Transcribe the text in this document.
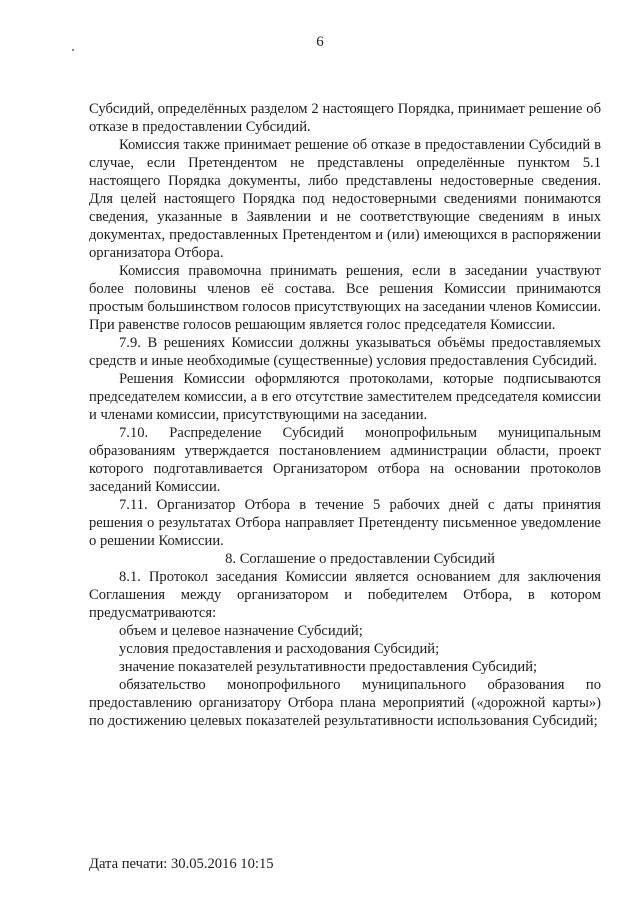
6

Субсидий, определённых разделом 2 настоящего Порядка, принимает решение об отказе в предоставлении Субсидий.

Комиссия также принимает решение об отказе в предоставлении Субсидий в случае, если Претендентом не представлены определённые пунктом 5.1 настоящего Порядка документы, либо представлены недостоверные сведения. Для целей настоящего Порядка под недостоверными сведениями понимаются сведения, указанные в Заявлении и не соответствующие сведениям в иных документах, предоставленных Претендентом и (или) имеющихся в распоряжении организатора Отбора.

Комиссия правомочна принимать решения, если в заседании участвуют более половины членов её состава. Все решения Комиссии принимаются простым большинством голосов присутствующих на заседании членов Комиссии. При равенстве голосов решающим является голос председателя Комиссии.

7.9. В решениях Комиссии должны указываться объёмы предоставляемых средств и иные необходимые (существенные) условия предоставления Субсидий.

Решения Комиссии оформляются протоколами, которые подписываются председателем комиссии, а в его отсутствие заместителем председателя комиссии и членами комиссии, присутствующими на заседании.

7.10. Распределение Субсидий монопрофильным муниципальным образованиям утверждается постановлением администрации области, проект которого подготавливается Организатором отбора на основании протоколов заседаний Комиссии.

7.11. Организатор Отбора в течение 5 рабочих дней с даты принятия решения о результатах Отбора направляет Претенденту письменное уведомление о решении Комиссии.

8. Соглашение о предоставлении Субсидий

8.1. Протокол заседания Комиссии является основанием для заключения Соглашения между организатором и победителем Отбора, в котором предусматриваются:

объем и целевое назначение Субсидий;

условия предоставления и расходования Субсидий;

значение показателей результативности предоставления Субсидий;

обязательство монопрофильного муниципального образования по предоставлению организатору Отбора плана мероприятий («дорожной карты») по достижению целевых показателей результативности использования Субсидий;

Дата печати: 30.05.2016 10:15
